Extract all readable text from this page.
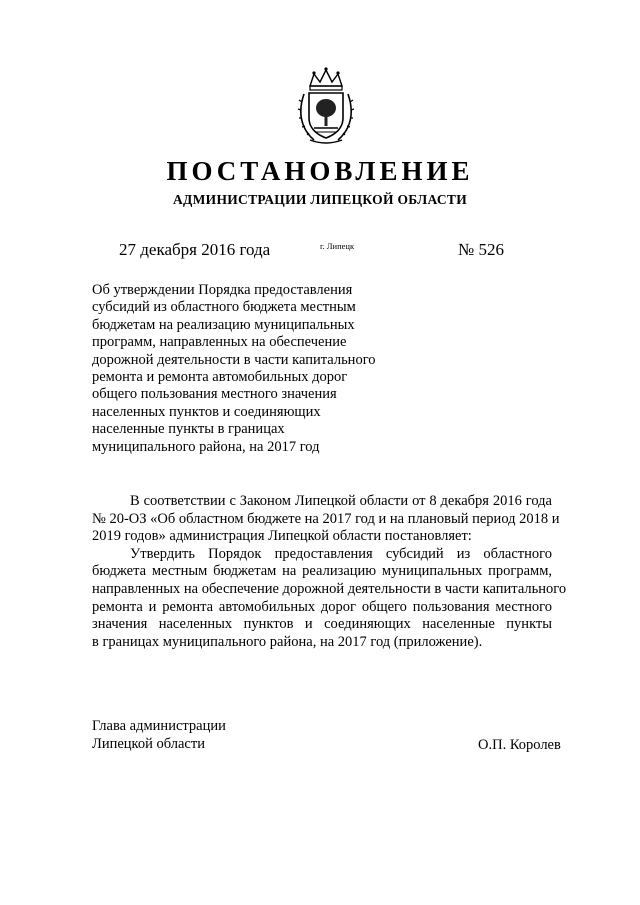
ПОСТАНОВЛЕНИЕ
АДМИНИСТРАЦИИ ЛИПЕЦКОЙ ОБЛАСТИ
27 декабря 2016 года	г. Липецк	№ 526
Об утверждении Порядка предоставления
субсидий из областного бюджета местным
бюджетам на реализацию муниципальных
программ, направленных на обеспечение
дорожной деятельности в части капитального
ремонта и ремонта автомобильных дорог
общего пользования местного значения
населенных пунктов и соединяющих
населенные пункты в границах
муниципального района, на 2017 год
В соответствии с Законом Липецкой области от 8 декабря 2016 года
№ 20-ОЗ «Об областном бюджете на 2017 год и на плановый период 2018 и
2019 годов» администрация Липецкой области постановляет:
Утвердить Порядок предоставления субсидий из областного
бюджета местным бюджетам на реализацию муниципальных программ,
направленных на обеспечение дорожной деятельности в части капитального
ремонта и ремонта автомобильных дорог общего пользования местного
значения населенных пунктов и соединяющих населенные пункты
в границах муниципального района, на 2017 год (приложение).
Глава администрации
Липецкой области	О.П. Королев
